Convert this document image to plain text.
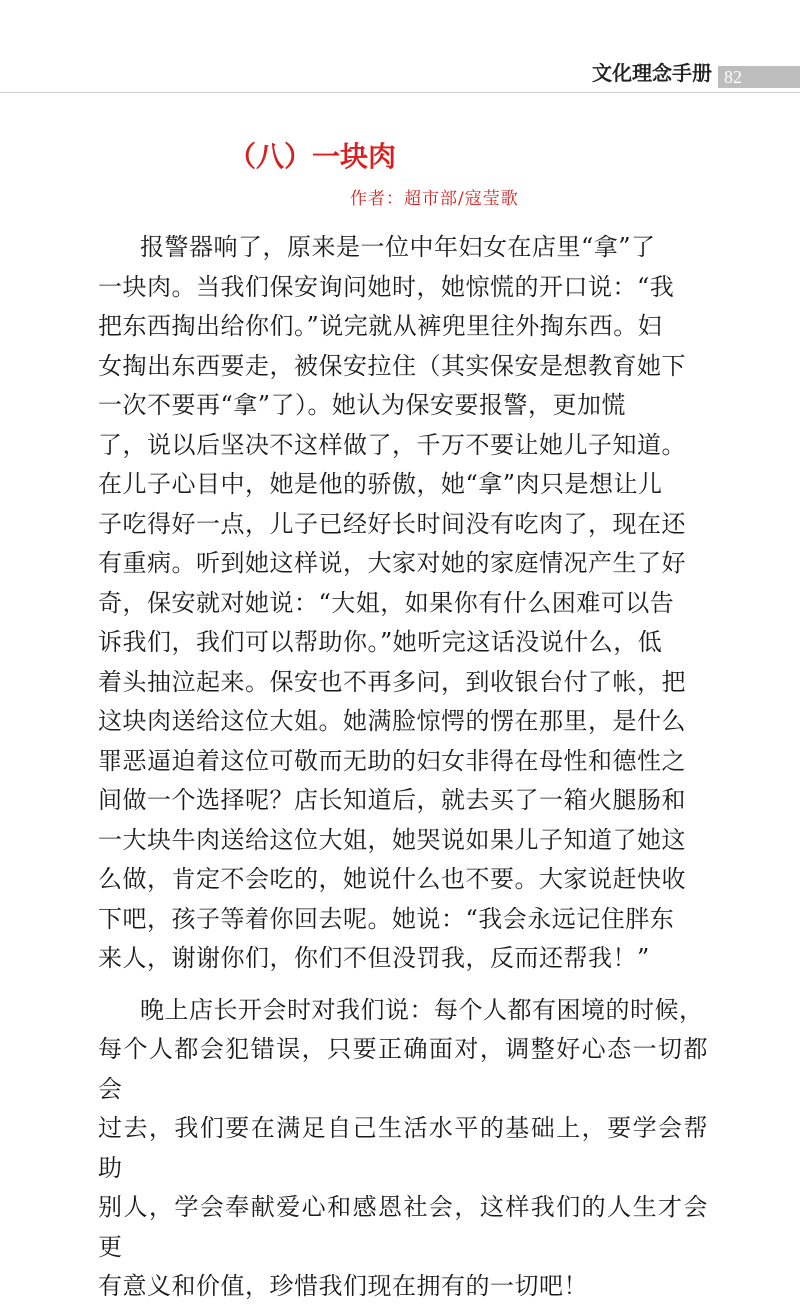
文化理念手册 82
（八）一块肉
作者：超市部/寇莹歌

报警器响了，原来是一位中年妇女在店里“拿”了
一块肉。当我们保安询问她时，她惊慌的开口说：“我
把东西掏出给你们。”说完就从裤兜里往外掏东西。妇
女掏出东西要走，被保安拉住（其实保安是想教育她下
一次不要再“拿”了）。她认为保安要报警，更加慌
了，说以后坚决不这样做了，千万不要让她儿子知道。
在儿子心目中，她是他的骄傲，她“拿”肉只是想让儿
子吃得好一点，儿子已经好长时间没有吃肉了，现在还
有重病。听到她这样说，大家对她的家庭情况产生了好
奇，保安就对她说：“大姐，如果你有什么困难可以告
诉我们，我们可以帮助你。”她听完这话没说什么，低
着头抽泣起来。保安也不再多问，到收银台付了帐，把
这块肉送给这位大姐。她满脸惊愕的愣在那里，是什么
罪恶逼迫着这位可敬而无助的妇女非得在母性和德性之
间做一个选择呢？店长知道后，就去买了一箱火腿肠和
一大块牛肉送给这位大姐，她哭说如果儿子知道了她这
么做，肯定不会吃的，她说什么也不要。大家说赶快收
下吧，孩子等着你回去呢。她说：“我会永远记住胖东
来人，谢谢你们，你们不但没罚我，反而还帮我！”

晚上店长开会时对我们说：每个人都有困境的时候，
每个人都会犯错误，只要正确面对，调整好心态一切都会
过去，我们要在满足自己生活水平的基础上，要学会帮助
别人，学会奉献爱心和感恩社会，这样我们的人生才会更
有意义和价值，珍惜我们现在拥有的一切吧！
